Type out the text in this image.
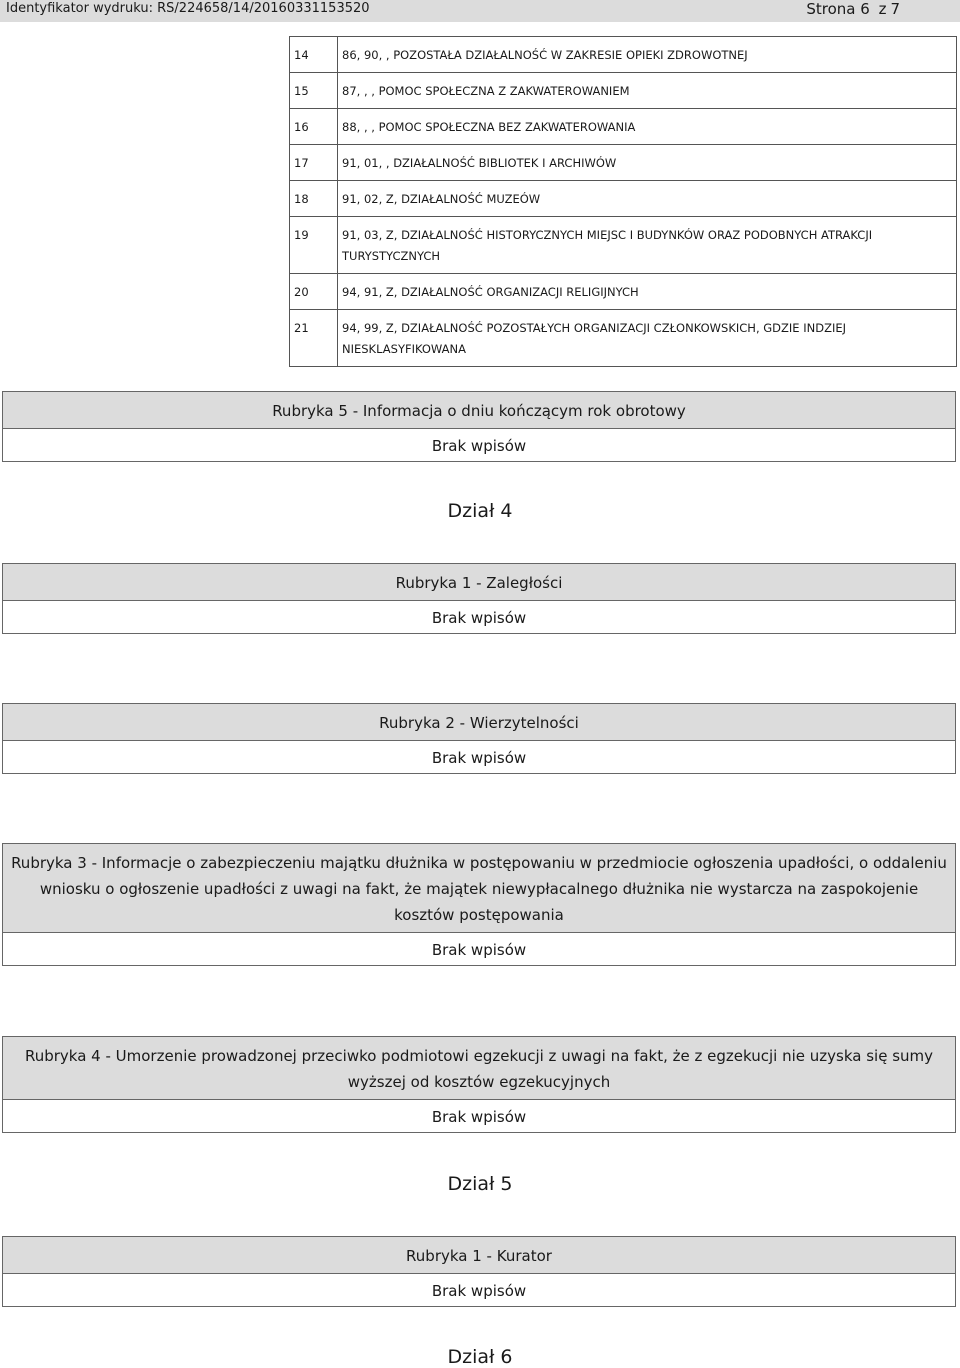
Identyfikator wydruku: RS/224658/14/20160331153520	Strona 6 z 7
14	86, 90, , POZOSTAŁA DZIAŁALNOŚĆ W ZAKRESIE OPIEKI ZDROWOTNEJ
15	87, , , POMOC SPOŁECZNA Z ZAKWATEROWANIEM
16	88, , , POMOC SPOŁECZNA BEZ ZAKWATEROWANIA
17	91, 01, , DZIAŁALNOŚĆ BIBLIOTEK I ARCHIWÓW
18	91, 02, Z, DZIAŁALNOŚĆ MUZEÓW
19	91, 03, Z, DZIAŁALNOŚĆ HISTORYCZNYCH MIEJSC I BUDYNKÓW ORAZ PODOBNYCH ATRAKCJI TURYSTYCZNYCH
20	94, 91, Z, DZIAŁALNOŚĆ ORGANIZACJI RELIGIJNYCH
21	94, 99, Z, DZIAŁALNOŚĆ POZOSTAŁYCH ORGANIZACJI CZŁONKOWSKICH, GDZIE INDZIEJ NIESKLASYFIKOWANA
Rubryka 5 - Informacja o dniu kończącym rok obrotowy
Brak wpisów
Dział 4
Rubryka 1 - Zaległości
Brak wpisów
Rubryka 2 - Wierzytelności
Brak wpisów
Rubryka 3 - Informacje o zabezpieczeniu majątku dłużnika w postępowaniu w przedmiocie ogłoszenia upadłości, o oddaleniu wniosku o ogłoszenie upadłości z uwagi na fakt, że majątek niewypłacalnego dłużnika nie wystarcza na zaspokojenie kosztów postępowania
Brak wpisów
Rubryka 4 - Umorzenie prowadzonej przeciwko podmiotowi egzekucji z uwagi na fakt, że z egzekucji nie uzyska się sumy wyższej od kosztów egzekucyjnych
Brak wpisów
Dział 5
Rubryka 1 - Kurator
Brak wpisów
Dział 6
